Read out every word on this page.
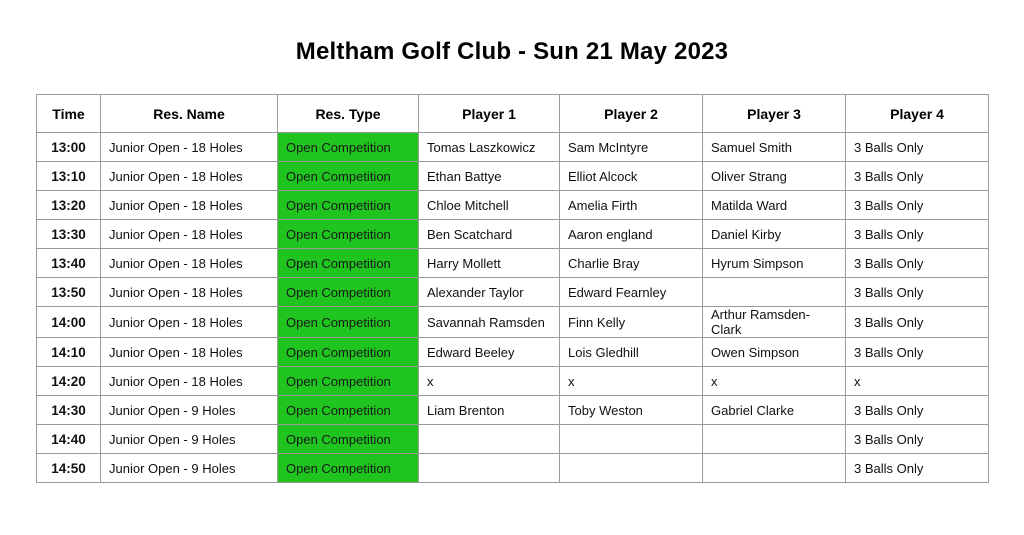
Meltham Golf Club - Sun 21 May 2023
Time	Res. Name	Res. Type	Player 1	Player 2	Player 3	Player 4
13:00	Junior Open - 18 Holes	Open Competition	Tomas Laszkowicz	Sam McIntyre	Samuel Smith	3 Balls Only
13:10	Junior Open - 18 Holes	Open Competition	Ethan Battye	Elliot Alcock	Oliver Strang	3 Balls Only
13:20	Junior Open - 18 Holes	Open Competition	Chloe Mitchell	Amelia Firth	Matilda Ward	3 Balls Only
13:30	Junior Open - 18 Holes	Open Competition	Ben Scatchard	Aaron england	Daniel Kirby	3 Balls Only
13:40	Junior Open - 18 Holes	Open Competition	Harry Mollett	Charlie Bray	Hyrum Simpson	3 Balls Only
13:50	Junior Open - 18 Holes	Open Competition	Alexander Taylor	Edward Fearnley		3 Balls Only
14:00	Junior Open - 18 Holes	Open Competition	Savannah Ramsden	Finn Kelly	Arthur Ramsden-Clark	3 Balls Only
14:10	Junior Open - 18 Holes	Open Competition	Edward Beeley	Lois Gledhill	Owen Simpson	3 Balls Only
14:20	Junior Open - 18 Holes	Open Competition	x	x	x	x
14:30	Junior Open - 9 Holes	Open Competition	Liam Brenton	Toby Weston	Gabriel Clarke	3 Balls Only
14:40	Junior Open - 9 Holes	Open Competition				3 Balls Only
14:50	Junior Open - 9 Holes	Open Competition				3 Balls Only
